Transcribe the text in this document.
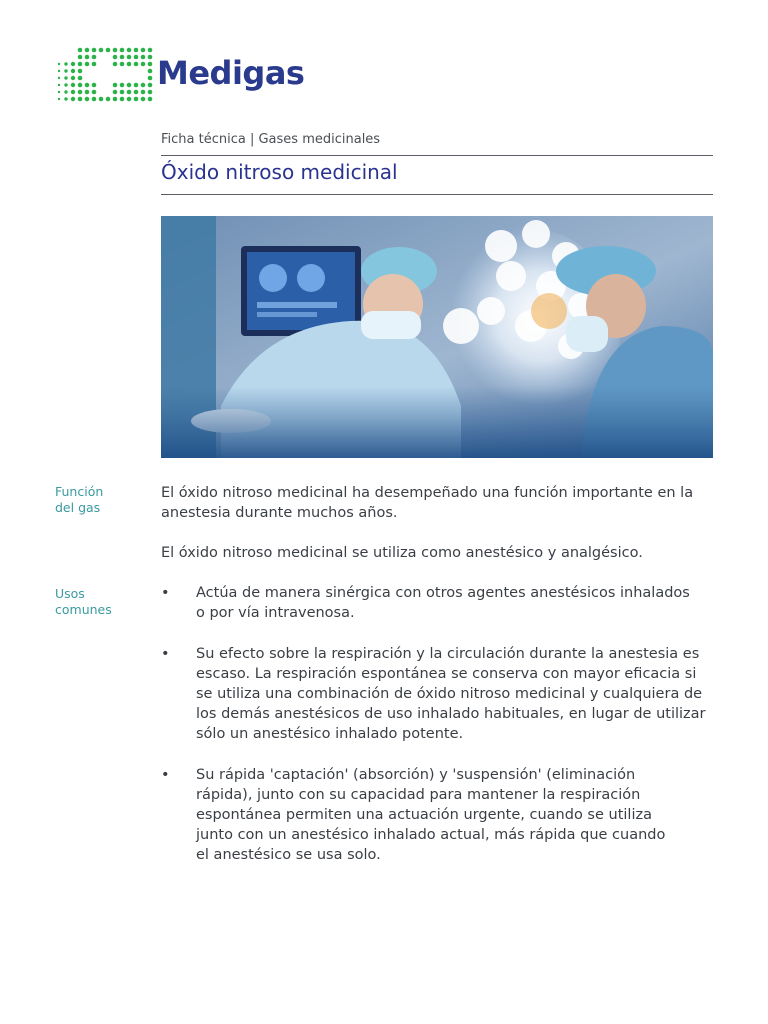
Medigas
Ficha técnica | Gases medicinales
Óxido nitroso medicinal
Función
del gas
Usos
comunes
El óxido nitroso medicinal ha desempeñado una función importante en la
anestesia durante muchos años.
El óxido nitroso medicinal se utiliza como anestésico y analgésico.
•	Actúa de manera sinérgica con otros agentes anestésicos inhalados
o por vía intravenosa.
•	Su efecto sobre la respiración y la circulación durante la anestesia es
escaso. La respiración espontánea se conserva con mayor eficacia si
se utiliza una combinación de óxido nitroso medicinal y cualquiera de
los demás anestésicos de uso inhalado habituales, en lugar de utilizar
sólo un anestésico inhalado potente.
•	Su rápida 'captación' (absorción) y 'suspensión' (eliminación
rápida), junto con su capacidad para mantener la respiración
espontánea permiten una actuación urgente, cuando se utiliza
junto con un anestésico inhalado actual, más rápida que cuando
el anestésico se usa solo.
